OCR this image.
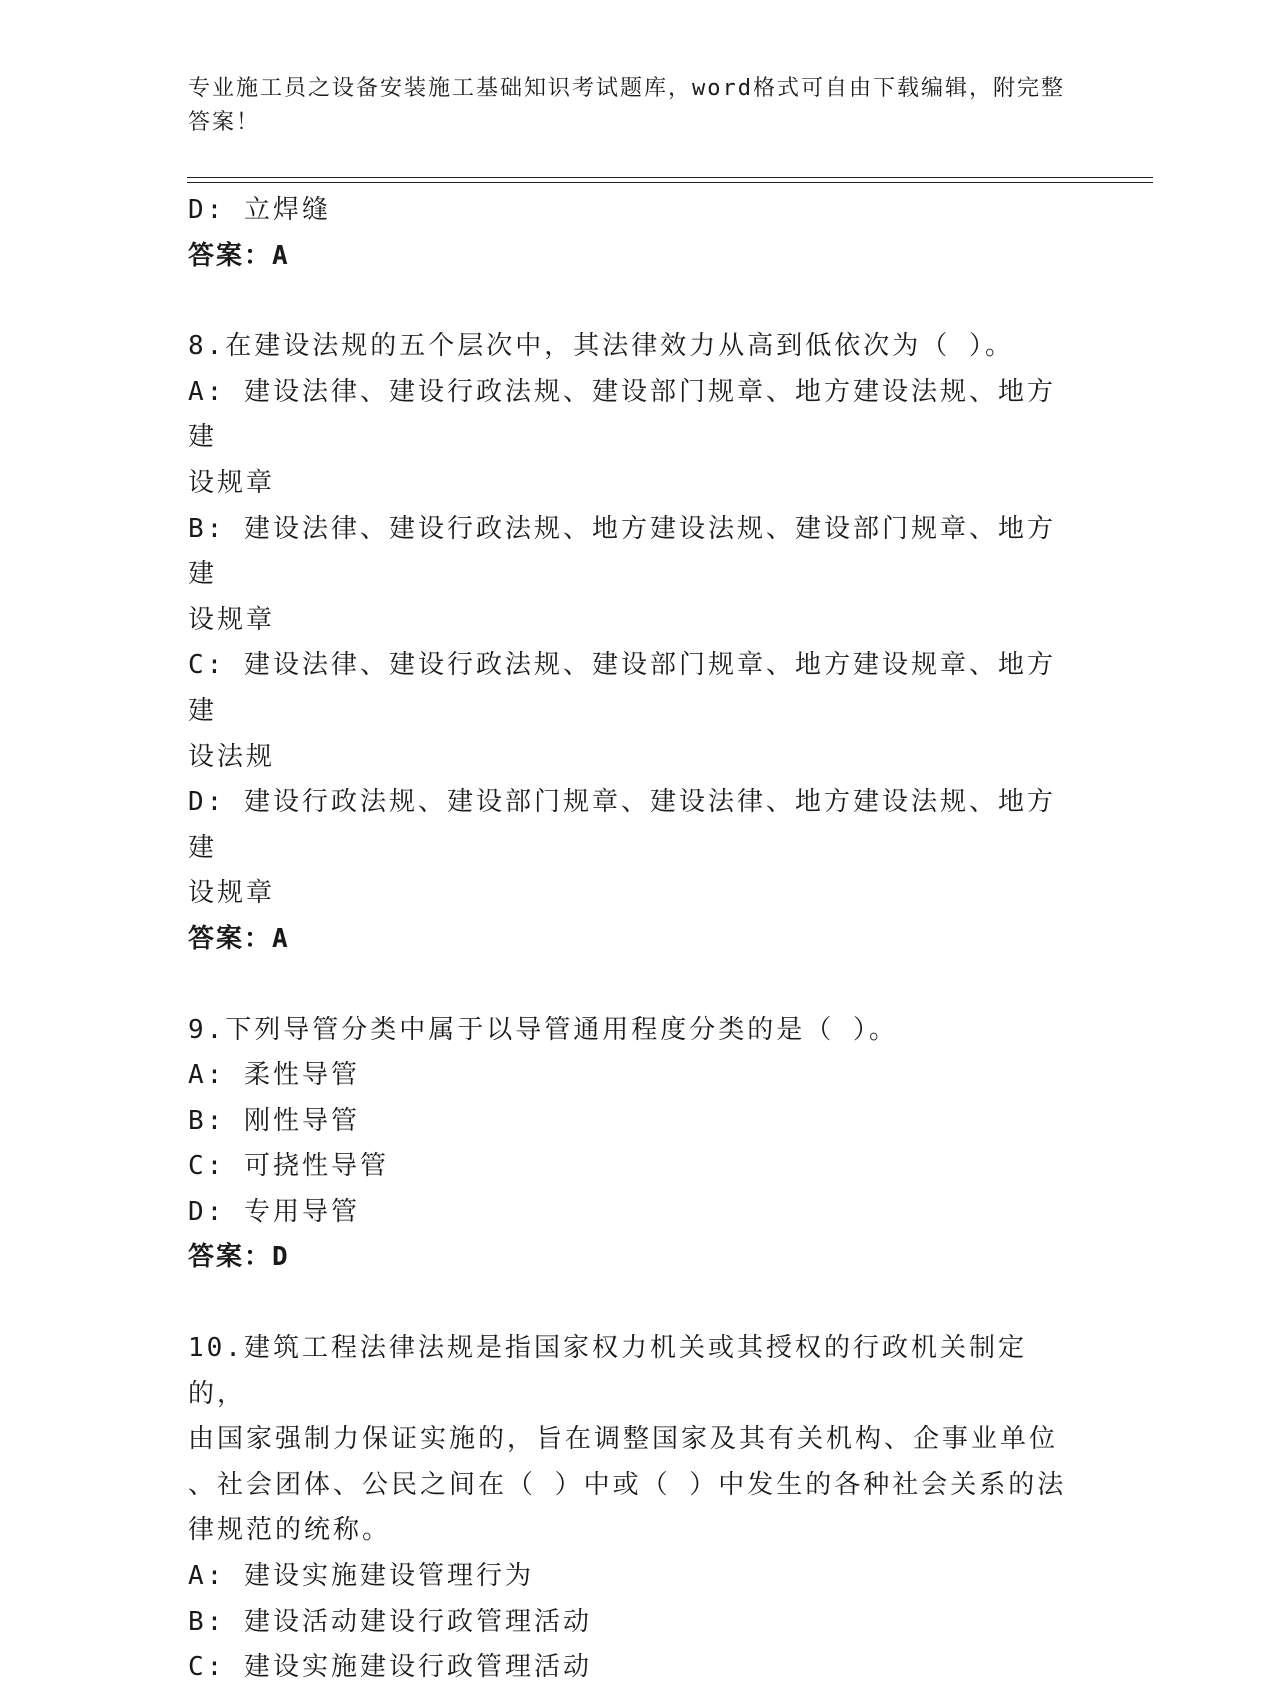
专业施工员之设备安装施工基础知识考试题库，word格式可自由下载编辑，附完整答案！
D: 立焊缝
答案：A
8.在建设法规的五个层次中，其法律效力从高到低依次为（ ）。
A: 建设法律、建设行政法规、建设部门规章、地方建设法规、地方建
设规章
B: 建设法律、建设行政法规、地方建设法规、建设部门规章、地方建
设规章
C: 建设法律、建设行政法规、建设部门规章、地方建设规章、地方建
设法规
D: 建设行政法规、建设部门规章、建设法律、地方建设法规、地方建
设规章
答案：A
9.下列导管分类中属于以导管通用程度分类的是（ ）。
A: 柔性导管
B: 刚性导管
C: 可挠性导管
D: 专用导管
答案：D
10.建筑工程法律法规是指国家权力机关或其授权的行政机关制定的，
由国家强制力保证实施的，旨在调整国家及其有关机构、企事业单位
、社会团体、公民之间在（ ）中或（ ）中发生的各种社会关系的法
律规范的统称。
A: 建设实施建设管理行为
B: 建设活动建设行政管理活动
C: 建设实施建设行政管理活动
